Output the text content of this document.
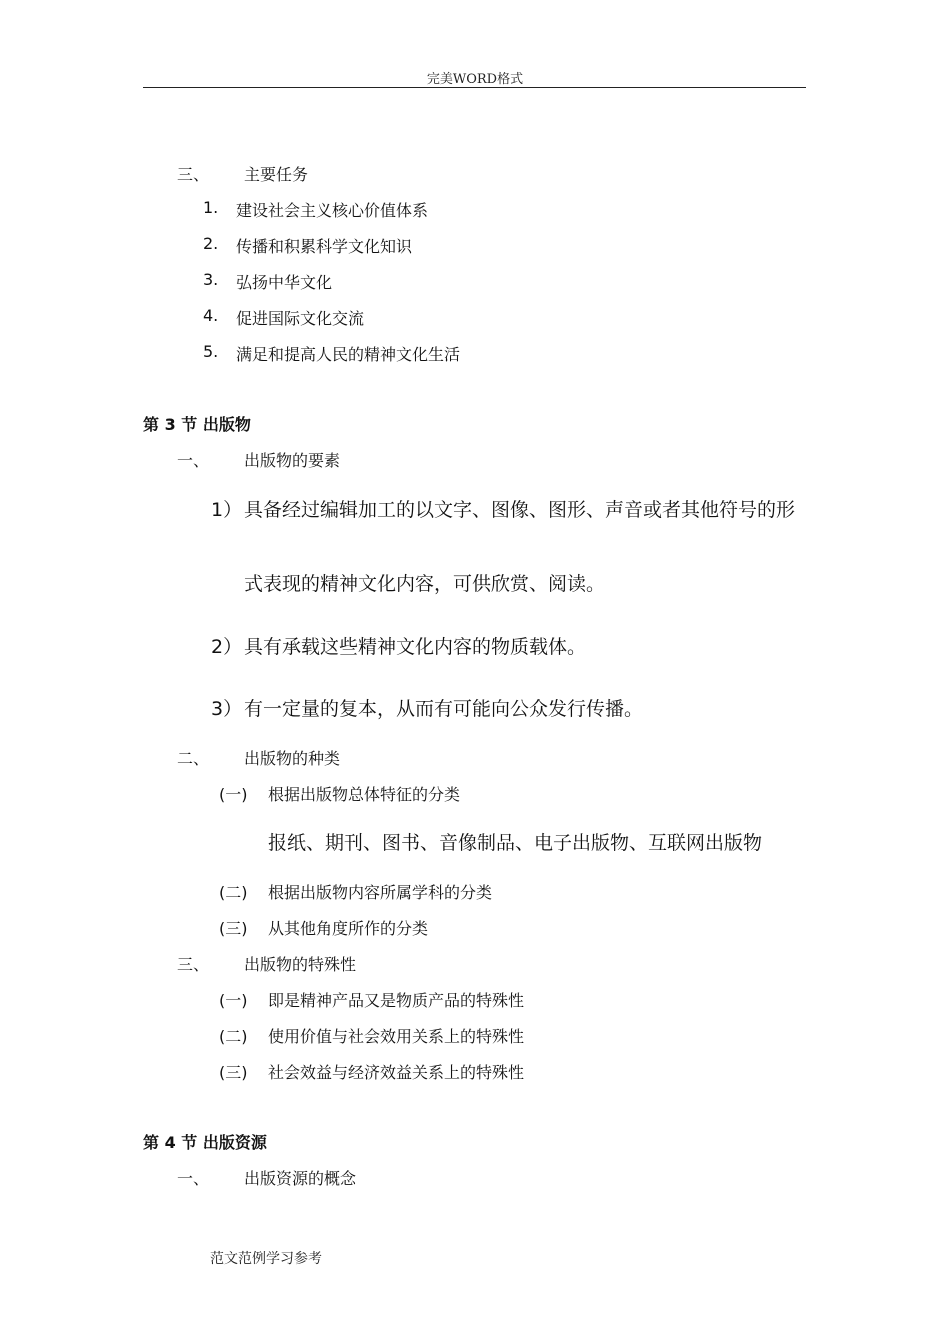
完美WORD格式
三、 主要任务
1. 建设社会主义核心价值体系
2. 传播和积累科学文化知识
3. 弘扬中华文化
4. 促进国际文化交流
5. 满足和提高人民的精神文化生活
第 3 节 出版物
一、 出版物的要素
1） 具备经过编辑加工的以文字、图像、图形、声音或者其他符号的形
式表现的精神文化内容，可供欣赏、阅读。
2） 具有承载这些精神文化内容的物质载体。
3） 有一定量的复本，从而有可能向公众发行传播。
二、 出版物的种类
(一) 根据出版物总体特征的分类
报纸、期刊、图书、音像制品、电子出版物、互联网出版物
(二) 根据出版物内容所属学科的分类
(三) 从其他角度所作的分类
三、 出版物的特殊性
(一) 即是精神产品又是物质产品的特殊性
(二) 使用价值与社会效用关系上的特殊性
(三) 社会效益与经济效益关系上的特殊性
第 4 节 出版资源
一、 出版资源的概念
范文范例学习参考
